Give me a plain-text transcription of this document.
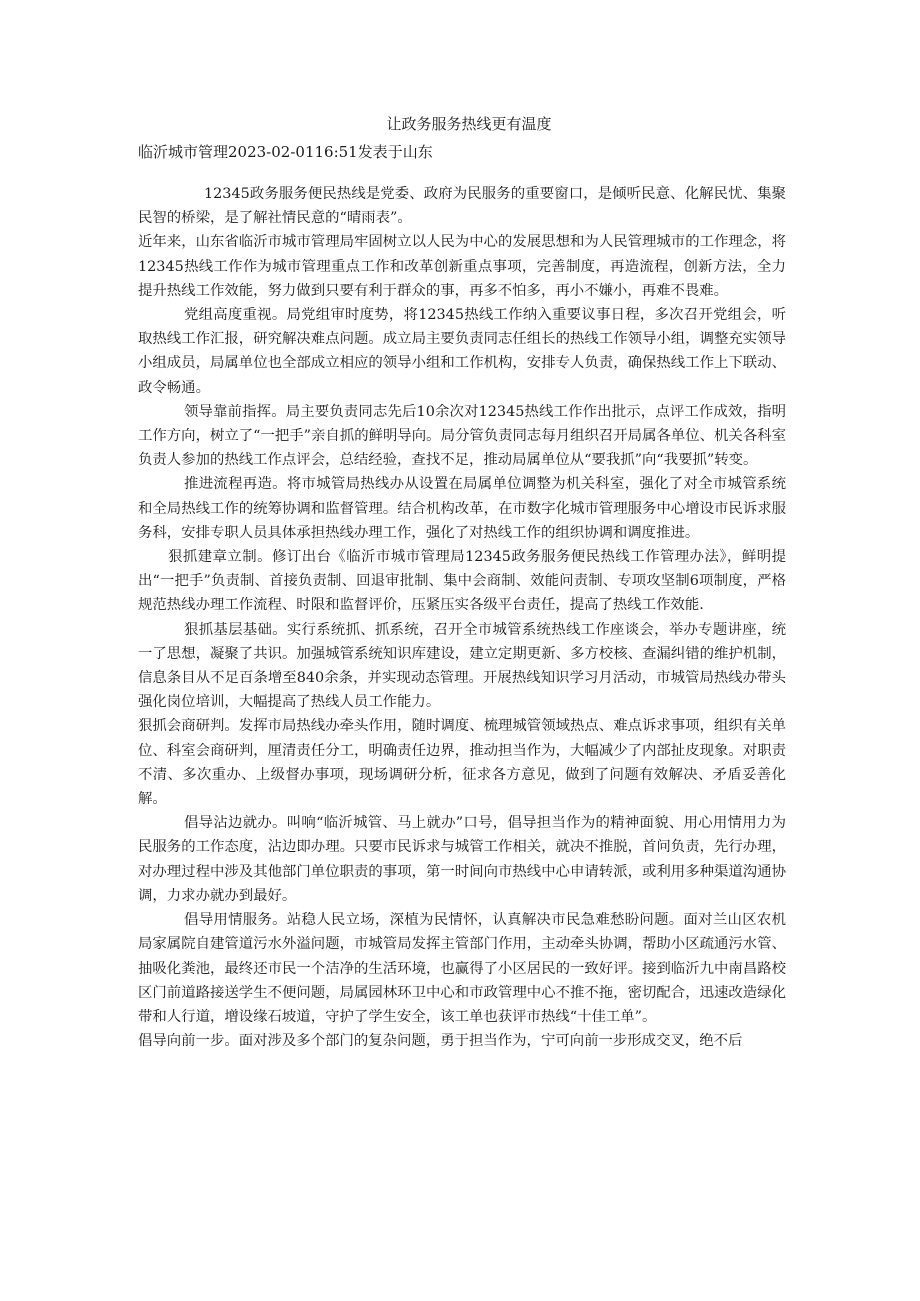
让政务服务热线更有温度
临沂城市管理2023-02-0116:51发表于山东

12345政务服务便民热线是党委、政府为民服务的重要窗口，是倾听民意、化解民忧、集聚民智的桥梁，是了解社情民意的“晴雨表”。

近年来，山东省临沂市城市管理局牢固树立以人民为中心的发展思想和为人民管理城市的工作理念，将12345热线工作作为城市管理重点工作和改革创新重点事项，完善制度，再造流程，创新方法，全力提升热线工作效能，努力做到只要有利于群众的事，再多不怕多，再小不嫌小，再难不畏难。

党组高度重视。局党组审时度势，将12345热线工作纳入重要议事日程，多次召开党组会，听取热线工作汇报，研究解决难点问题。成立局主要负责同志任组长的热线工作领导小组，调整充实领导小组成员，局属单位也全部成立相应的领导小组和工作机构，安排专人负责，确保热线工作上下联动、政令畅通。

领导靠前指挥。局主要负责同志先后10余次对12345热线工作作出批示，点评工作成效，指明工作方向，树立了“一把手”亲自抓的鲜明导向。局分管负责同志每月组织召开局属各单位、机关各科室负责人参加的热线工作点评会，总结经验，查找不足，推动局属单位从“要我抓”向“我要抓”转变。

推进流程再造。将市城管局热线办从设置在局属单位调整为机关科室，强化了对全市城管系统和全局热线工作的统筹协调和监督管理。结合机构改革，在市数字化城市管理服务中心增设市民诉求服务科，安排专职人员具体承担热线办理工作，强化了对热线工作的组织协调和调度推进。

狠抓建章立制。修订出台《临沂市城市管理局12345政务服务便民热线工作管理办法》，鲜明提出“一把手”负责制、首接负责制、回退审批制、集中会商制、效能问责制、专项攻坚制6项制度，严格规范热线办理工作流程、时限和监督评价，压紧压实各级平台责任，提高了热线工作效能.

狠抓基层基础。实行系统抓、抓系统，召开全市城管系统热线工作座谈会，举办专题讲座，统一了思想，凝聚了共识。加强城管系统知识库建设，建立定期更新、多方校核、查漏纠错的维护机制，信息条目从不足百条增至840余条，并实现动态管理。开展热线知识学习月活动，市城管局热线办带头强化岗位培训，大幅提高了热线人员工作能力。

狠抓会商研判。发挥市局热线办牵头作用，随时调度、梳理城管领域热点、难点诉求事项，组织有关单位、科室会商研判，厘清责任分工，明确责任边界，推动担当作为，大幅减少了内部扯皮现象。对职责不清、多次重办、上级督办事项，现场调研分析，征求各方意见，做到了问题有效解决、矛盾妥善化解。

倡导沾边就办。叫响“临沂城管、马上就办”口号，倡导担当作为的精神面貌、用心用情用力为民服务的工作态度，沾边即办理。只要市民诉求与城管工作相关，就决不推脱，首问负责，先行办理，对办理过程中涉及其他部门单位职责的事项，第一时间向市热线中心申请转派，或利用多种渠道沟通协调，力求办就办到最好。

倡导用情服务。站稳人民立场，深植为民情怀，认真解决市民急难愁盼问题。面对兰山区农机局家属院自建管道污水外溢问题，市城管局发挥主管部门作用，主动牵头协调，帮助小区疏通污水管、抽吸化粪池，最终还市民一个洁净的生活环境，也赢得了小区居民的一致好评。接到临沂九中南昌路校区门前道路接送学生不便问题，局属园林环卫中心和市政管理中心不推不拖，密切配合，迅速改造绿化带和人行道，增设缘石坡道，守护了学生安全，该工单也获评市热线“十佳工单”。

倡导向前一步。面对涉及多个部门的复杂问题，勇于担当作为，宁可向前一步形成交叉，绝不后
